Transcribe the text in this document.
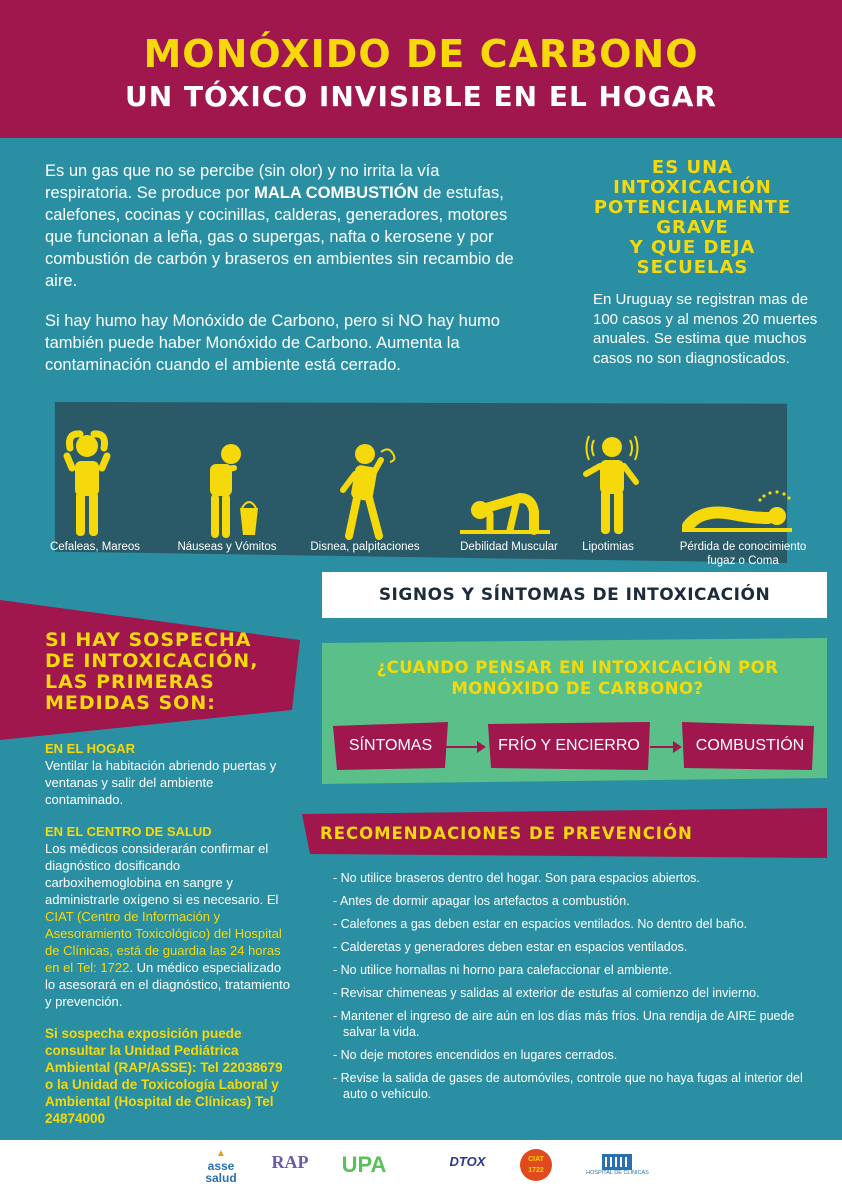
MONÓXIDO DE CARBONO
UN TÓXICO INVISIBLE EN EL HOGAR
Es un gas que no se percibe (sin olor) y no irrita la vía respiratoria. Se produce por MALA COMBUSTIÓN de estufas, calefones, cocinas y cocinillas, calderas, generadores, motores que funcionan a leña, gas o supergas, nafta o kerosene y por combustión de carbón y braseros en ambientes sin recambio de aire.
Si hay humo hay Monóxido de Carbono, pero si NO hay humo también puede haber Monóxido de Carbono. Aumenta la contaminación cuando el ambiente está cerrado.
ES UNA
INTOXICACIÓN
POTENCIALMENTE
GRAVE
Y QUE DEJA
SECUELAS
En Uruguay se registran mas de 100 casos y al menos 20 muertes anuales. Se estima que muchos casos no son diagnosticados.
Cefaleas, Mareos	Náuseas y Vómitos	Disnea, palpitaciones	Debilidad Muscular	Lipotimias	Pérdida de conocimiento fugaz o Coma
SIGNOS Y SÍNTOMAS DE INTOXICACIÓN
SI HAY SOSPECHA DE INTOXICACIÓN, LAS PRIMERAS MEDIDAS SON:
EN EL HOGAR
Ventilar la habitación abriendo puertas y ventanas y salir del ambiente contaminado.
EN EL CENTRO DE SALUD
Los médicos considerarán confirmar el diagnóstico dosificando carboxihemoglobina en sangre y administrarle oxígeno si es necesario. El CIAT (Centro de Información y Asesoramiento Toxicológico) del Hospital de Clínicas, está de guardia las 24 horas en el Tel: 1722. Un médico especializado lo asesorará en el diagnóstico, tratamiento y prevención.
Si sospecha exposición puede consultar la Unidad Pediátrica Ambiental (RAP/ASSE): Tel 22038679 o la Unidad de Toxicología Laboral y Ambiental (Hospital de Clínicas) Tel 24874000
¿CUANDO PENSAR EN INTOXICACIÓN POR MONÓXIDO DE CARBONO?
SÍNTOMAS	FRÍO Y ENCIERRO	COMBUSTIÓN
RECOMENDACIONES DE PREVENCIÓN
- No utilice braseros dentro del hogar. Son para espacios abiertos.
- Antes de dormir apagar los artefactos a combustión.
- Calefones a gas deben estar en espacios ventilados. No dentro del baño.
- Calderetas y generadores deben estar en espacios ventilados.
- No utilice hornallas ni horno para calefaccionar el ambiente.
- Revisar chimeneas y salidas al exterior de estufas al comienzo del invierno.
- Mantener el ingreso de aire aún en los días más fríos. Una rendija de AIRE puede salvar la vida.
- No deje motores encendidos en lugares cerrados.
- Revise la salida de gases de automóviles, controle que no haya fugas al interior del auto o vehículo.
▲
asse salud
RAP UPA	DTOX	CIAT 1722	HOSPITAL DE CLÍNICAS
